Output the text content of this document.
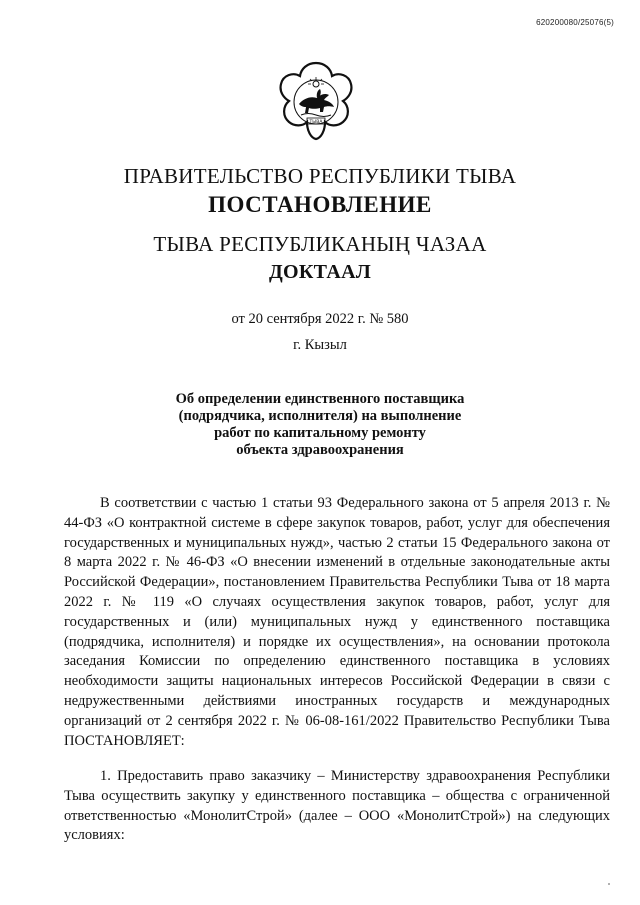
620200080/25076(5)
ТЫВА
ПРАВИТЕЛЬСТВО РЕСПУБЛИКИ ТЫВА
ПОСТАНОВЛЕНИЕ
ТЫВА РЕСПУБЛИКАНЫҢ ЧАЗАА
ДОКТААЛ
от 20 сентября 2022 г. № 580
г. Кызыл
Об определении единственного поставщика
(подрядчика, исполнителя) на выполнение
работ по капитальному ремонту
объекта здравоохранения

В соответствии с частью 1 статьи 93 Федерального закона от 5 апреля 2013 г. № 44-ФЗ «О контрактной системе в сфере закупок товаров, работ, услуг для обеспечения государственных и муниципальных нужд», частью 2 статьи 15 Федерального закона от 8 марта 2022 г. № 46-ФЗ «О внесении изменений в отдельные законодательные акты Российской Федерации», постановлением Правительства Республики Тыва от 18 марта 2022 г. № 119 «О случаях осуществления закупок товаров, работ, услуг для государственных и (или) муниципальных нужд у единственного поставщика (подрядчика, исполнителя) и порядке их осуществления», на основании протокола заседания Комиссии по определению единственного поставщика в условиях необходимости защиты национальных интересов Российской Федерации в связи с недружественными действиями иностранных государств и международных организаций от 2 сентября 2022 г. № 06-08-161/2022 Правительство Республики Тыва ПОСТАНОВЛЯЕТ:

1. Предоставить право заказчику – Министерству здравоохранения Республики Тыва осуществить закупку у единственного поставщика – общества с ограниченной ответственностью «МонолитСтрой» (далее – ООО «МонолитСтрой») на следующих условиях:
